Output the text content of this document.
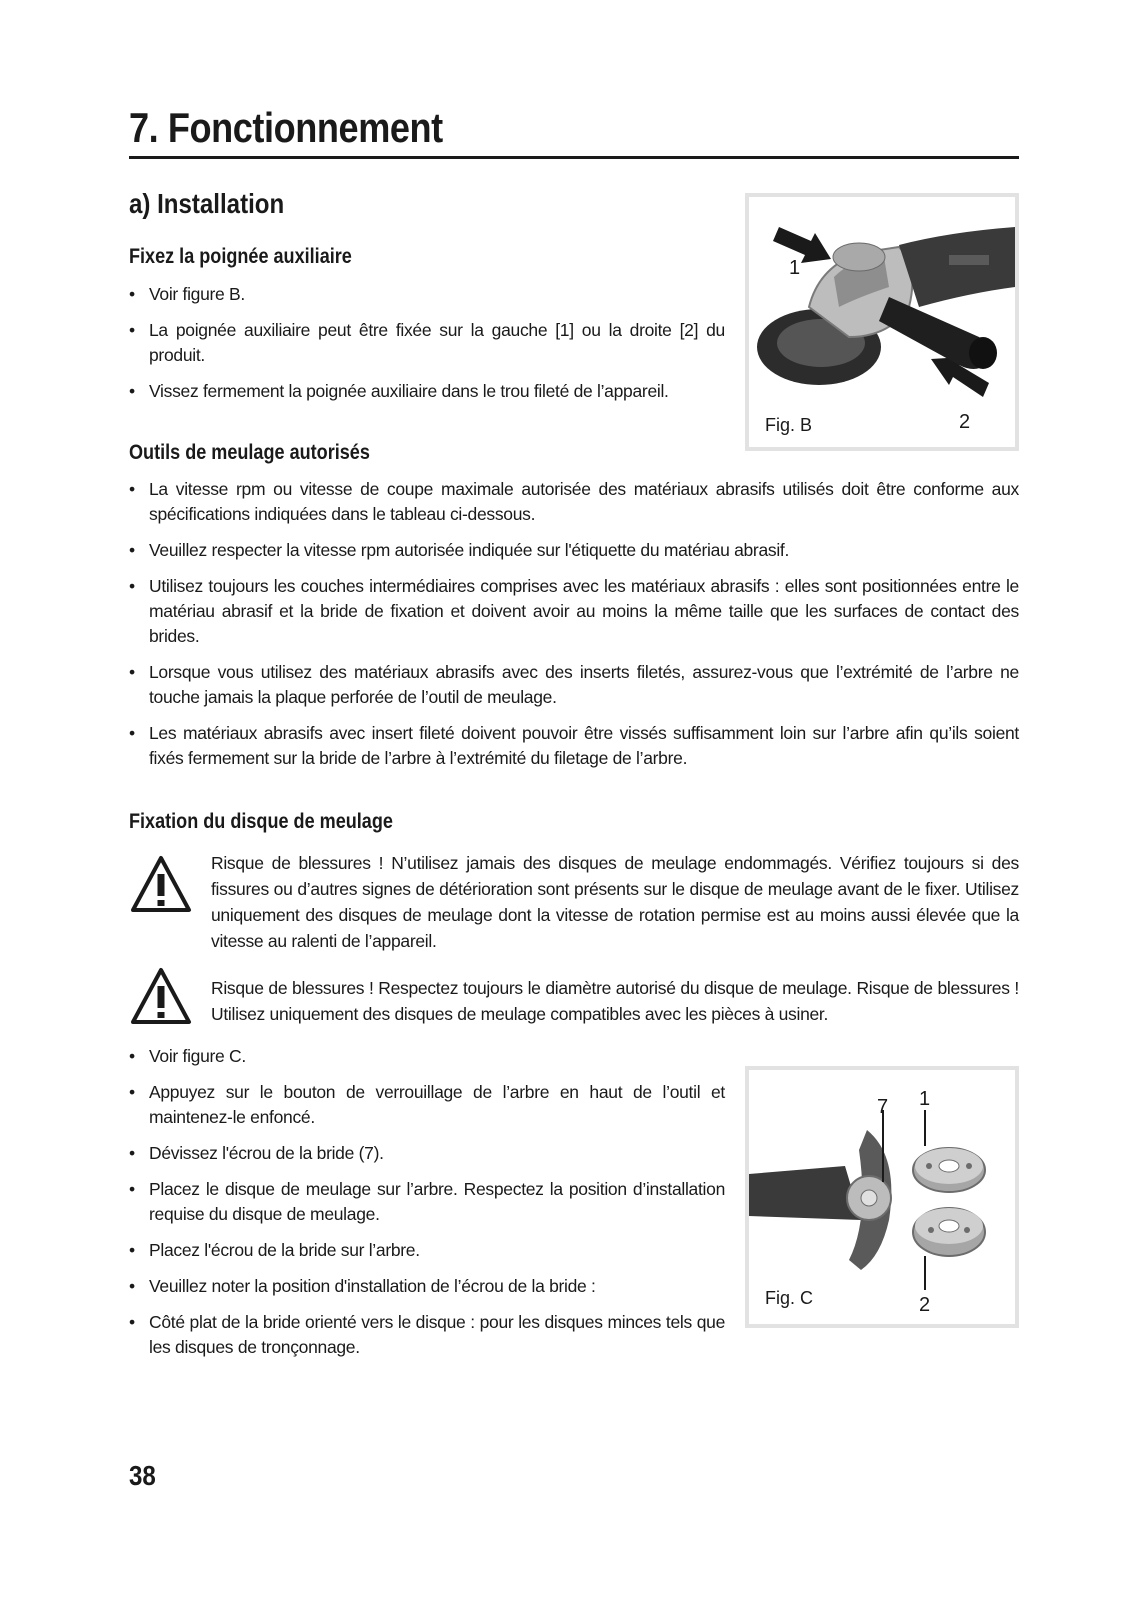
7. Fonctionnement
a) Installation
Fixez la poignée auxiliaire
• Voir figure B.
• La poignée auxiliaire peut être fixée sur la gauche [1] ou la droite [2] du produit.
• Vissez fermement la poignée auxiliaire dans le trou fileté de l’appareil.
1
Fig. B	2
Outils de meulage autorisés
• La vitesse rpm ou vitesse de coupe maximale autorisée des matériaux abrasifs utilisés doit être conforme aux spécifications indiquées dans le tableau ci-dessous.
• Veuillez respecter la vitesse rpm autorisée indiquée sur l'étiquette du matériau abrasif.
• Utilisez toujours les couches intermédiaires comprises avec les matériaux abrasifs : elles sont positionnées entre le matériau abrasif et la bride de fixation et doivent avoir au moins la même taille que les surfaces de contact des brides.
• Lorsque vous utilisez des matériaux abrasifs avec des inserts filetés, assurez-vous que l’extrémité de l’arbre ne touche jamais la plaque perforée de l’outil de meulage.
• Les matériaux abrasifs avec insert fileté doivent pouvoir être vissés suffisamment loin sur l’arbre afin qu’ils soient fixés fermement sur la bride de l’arbre à l’extrémité du filetage de l’arbre.
Fixation du disque de meulage

Risque de blessures ! N’utilisez jamais des disques de meulage endommagés. Vérifiez toujours si des fissures ou d’autres signes de détérioration sont présents sur le disque de meulage avant de le fixer. Utilisez uniquement des disques de meulage dont la vitesse de rotation permise est au moins aussi élevée que la vitesse au ralenti de l’appareil.

Risque de blessures ! Respectez toujours le diamètre autorisé du disque de meulage. Risque de blessures ! Utilisez uniquement des disques de meulage compatibles avec les pièces à usiner.

• Voir figure C.
• Appuyez sur le bouton de verrouillage de l’arbre en haut de l’outil et maintenez-le enfoncé.
• Dévissez l'écrou de la bride (7).
• Placez le disque de meulage sur l’arbre. Respectez la position d’installation requise du disque de meulage.
• Placez l'écrou de la bride sur l’arbre.
• Veuillez noter la position d'installation de l’écrou de la bride :
• Côté plat de la bride orienté vers le disque : pour les disques minces tels que les disques de tronçonnage.
7 1
Fig. C	2
38
